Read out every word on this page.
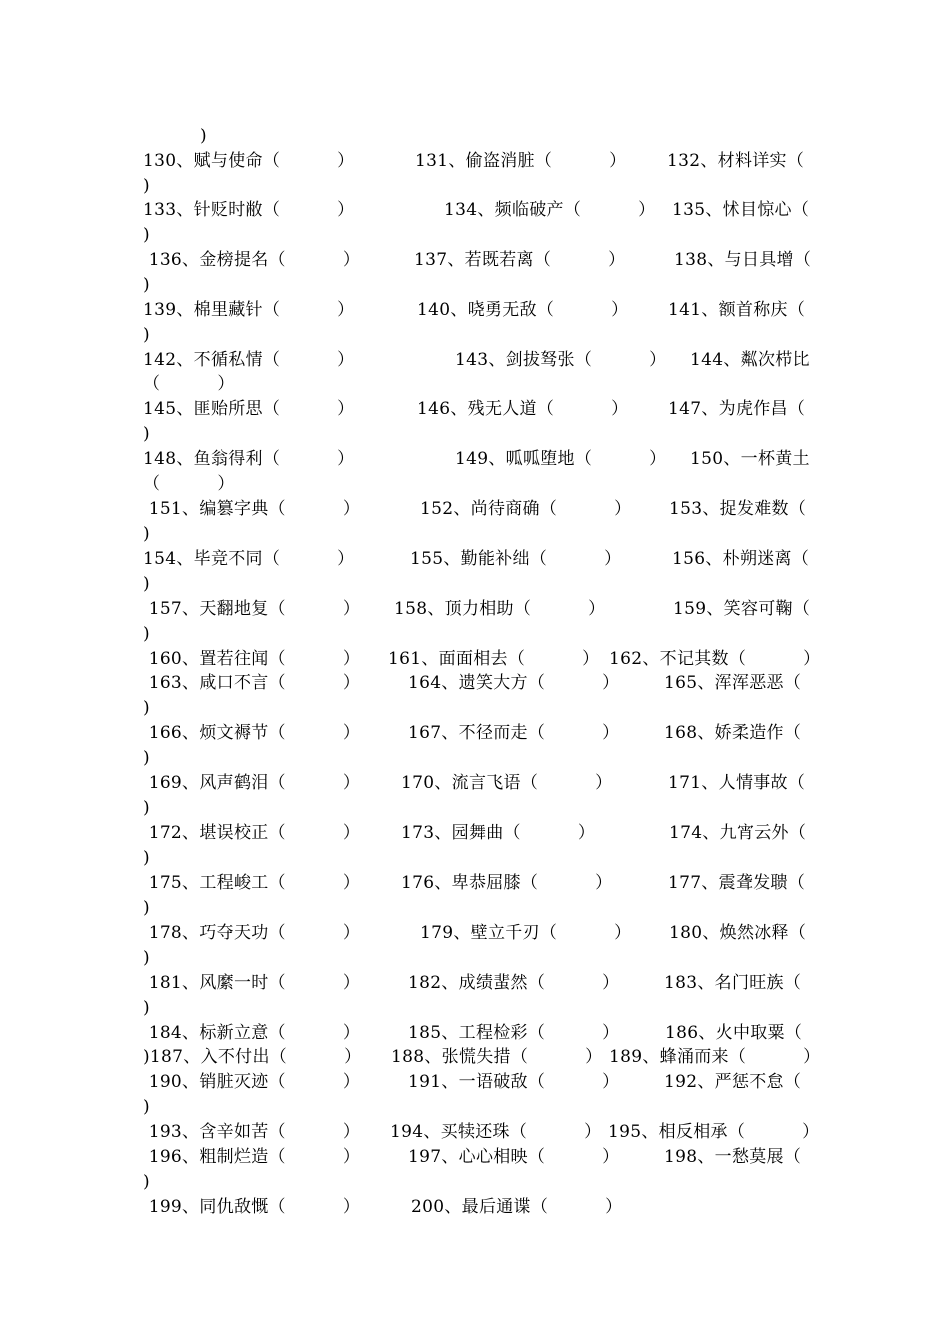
)
130、赋与使命（          ）	131、偷盗消脏（          ） 132、材料详实（
)
133、针贬时敝（          ）	134、频临破产（          ） 135、怵目惊心（
)
136、金榜提名（          ）	137、若既若离（          ）	138、与日具增（
)
139、棉里藏针（          ）	140、哓勇无敌（          ） 141、额首称庆（
)
142、不循私情（          ）	143、剑拔驽张（          ） 144、粼次栉比
（          ）
145、匪贻所思（          ）	146、残无人道（          ） 147、为虎作昌（
)
148、鱼翁得利（          ）	149、呱呱堕地（          ） 150、一杯黄土
（          ）
151、编篡字典（          ）	152、尚待商确（          ） 153、捉发难数（
)
154、毕竞不同（          ）	155、勤能补绌（          ）	156、朴朔迷离（
)
157、天翻地复（          ） 158、顶力相助（          ）	159、笑容可鞠（
)
160、置若往闻（          ） 161、面面相去（          ） 162、不记其数（          ）
163、咸口不言（          ）	164、遗笑大方（          ）	165、浑浑恶恶（
)
166、烦文褥节（          ）	167、不径而走（          ）	168、娇柔造作（
)
169、风声鹤泪（          ） 170、流言飞语（          ）	171、人情事故（
)
172、堪误校正（          ） 173、园舞曲（          ）	174、九宵云外（
)
175、工程峻工（          ） 176、卑恭屈膝（          ）	177、震聋发聩（
)
178、巧夺天功（          ）	179、壁立千刃（          ） 180、焕然冰释（
)
181、风縻一时（          ）	182、成绩蜚然（          ）	183、名门旺族（
)
184、标新立意（          ）	185、工程检彩（          ）	186、火中取粟（
)187、入不付出（          ） 188、张慌失措（          ） 189、蜂涌而来（          ）
190、销脏灭迹（          ）	191、一语破敌（          ）	192、严惩不怠（
)
193、含辛如苦（          ） 194、买犊还珠（          ） 195、相反相承（          ）
196、粗制烂造（          ）	197、心心相映（          ）	198、一愁莫展（
)
199、同仇敌慨（          ）	200、最后通谍（          ）
